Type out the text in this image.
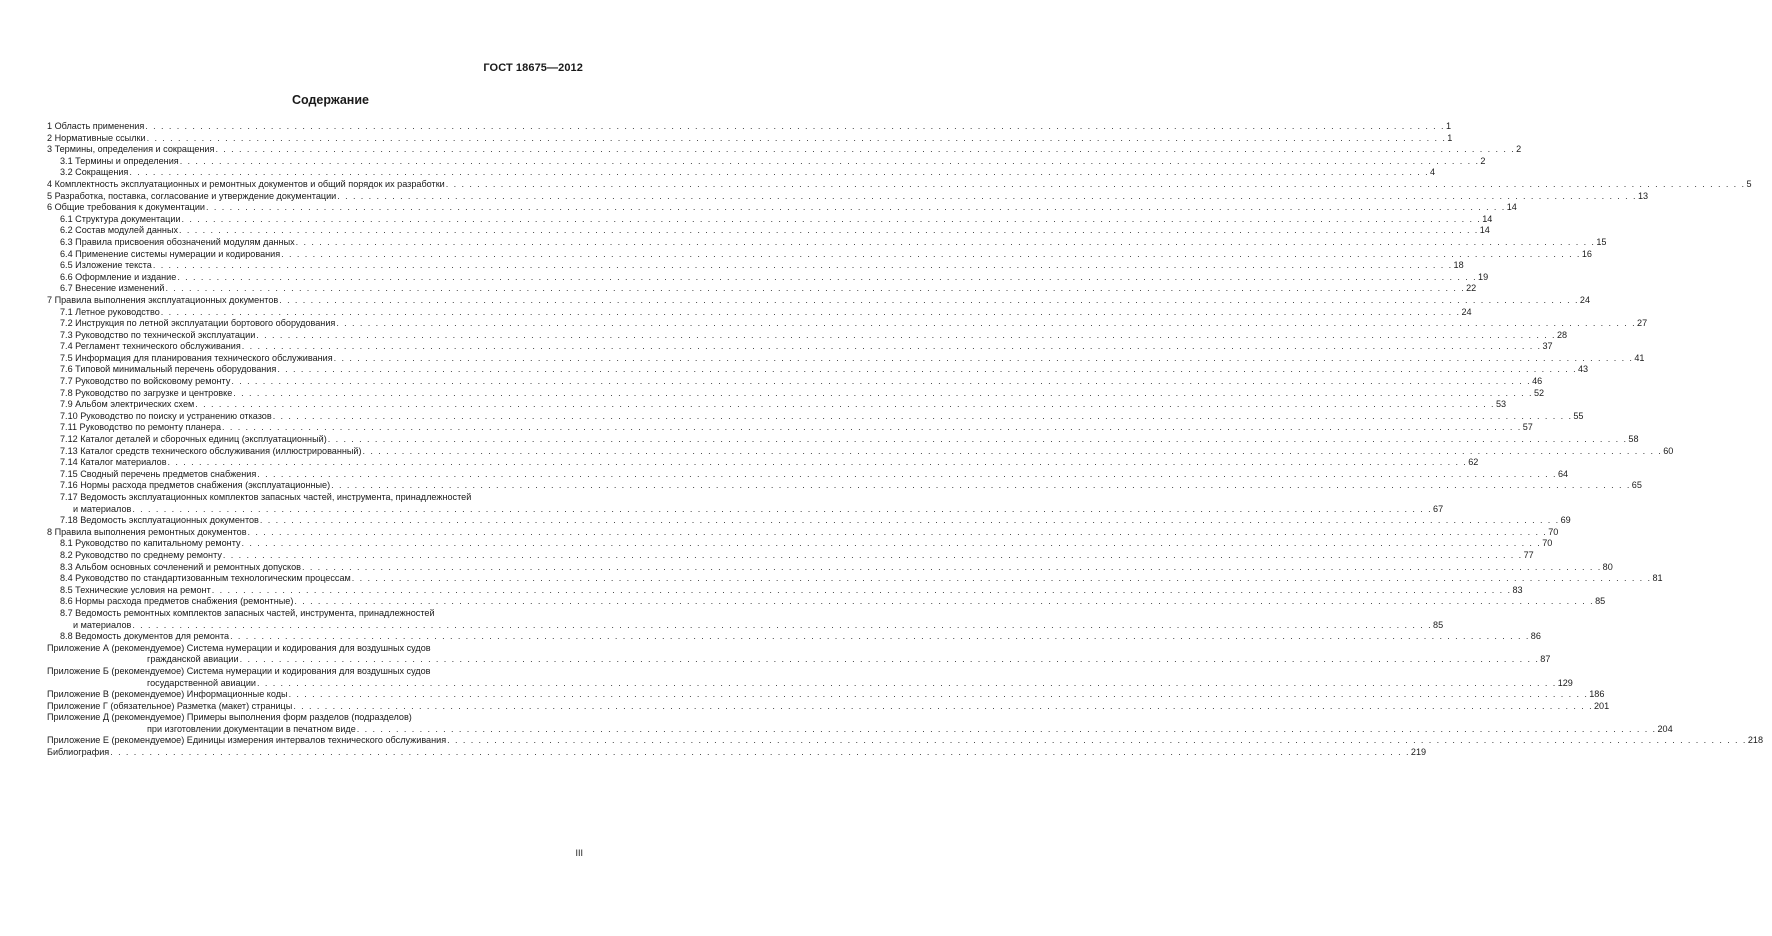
ГОСТ 18675—2012
Содержание
1 Область применения . . .	1
2 Нормативные ссылки . . .	1
3 Термины, определения и сокращения . . .	2
3.1 Термины и определения . . .	2
3.2 Сокращения . . .	4
4 Комплектность эксплуатационных и ремонтных документов и общий порядок их разработки . . .	5
5 Разработка, поставка, согласование и утверждение документации . . .	13
6 Общие требования к документации . . .	14
6.1 Структура документации . . .	14
6.2 Состав модулей данных . . .	14
6.3 Правила присвоения обозначений модулям данных . . .	15
6.4 Применение системы нумерации и кодирования . . .	16
6.5 Изложение текста . . .	18
6.6 Оформление и издание . . .	19
6.7 Внесение изменений . . .	22
7 Правила выполнения эксплуатационных документов . . .	24
7.1 Летное руководство . . .	24
7.2 Инструкция по летной эксплуатации бортового оборудования . . .	27
7.3 Руководство по технической эксплуатации . . .	28
7.4 Регламент технического обслуживания . . .	37
7.5 Информация для планирования технического обслуживания . . .	41
7.6 Типовой минимальный перечень оборудования . . .	43
7.7 Руководство по войсковому ремонту . . .	46
7.8 Руководство по загрузке и центровке . . .	52
7.9 Альбом электрических схем . . .	53
7.10 Руководство по поиску и устранению отказов . . .	55
7.11 Руководство по ремонту планера . . .	57
7.12 Каталог деталей и сборочных единиц (эксплуатационный) . . .	58
7.13 Каталог средств технического обслуживания (иллюстрированный) . . .	60
7.14 Каталог материалов . . .	62
7.15 Сводный перечень предметов снабжения . . .	64
7.16 Нормы расхода предметов снабжения (эксплуатационные) . . .	65
7.17 Ведомость эксплуатационных комплектов запасных частей, инструмента, принадлежностей
и материалов . . .	67
7.18 Ведомость эксплуатационных документов . . .	69
8 Правила выполнения ремонтных документов . . .	70
8.1 Руководство по капитальному ремонту . . .	70
8.2 Руководство по среднему ремонту . . .	77
8.3 Альбом основных сочленений и ремонтных допусков . . .	80
8.4 Руководство по стандартизованным технологическим процессам . . .	81
8.5 Технические условия на ремонт . . .	83
8.6 Нормы расхода предметов снабжения (ремонтные) . . .	85
8.7 Ведомость ремонтных комплектов запасных частей, инструмента, принадлежностей
и материалов . . .	85
8.8 Ведомость документов для ремонта . . .	86
Приложение А (рекомендуемое) Система нумерации и кодирования для воздушных судов
гражданской авиации . . .	87
Приложение Б (рекомендуемое) Система нумерации и кодирования для воздушных судов
государственной авиации . . .	129
Приложение В (рекомендуемое) Информационные коды . . .	186
Приложение Г (обязательное) Разметка (макет) страницы . . .	201
Приложение Д (рекомендуемое) Примеры выполнения форм разделов (подразделов)
при изготовлении документации в печатном виде . . .	204
Приложение Е (рекомендуемое) Единицы измерения интервалов технического обслуживания . . .	218
Библиография . . .	219
III
